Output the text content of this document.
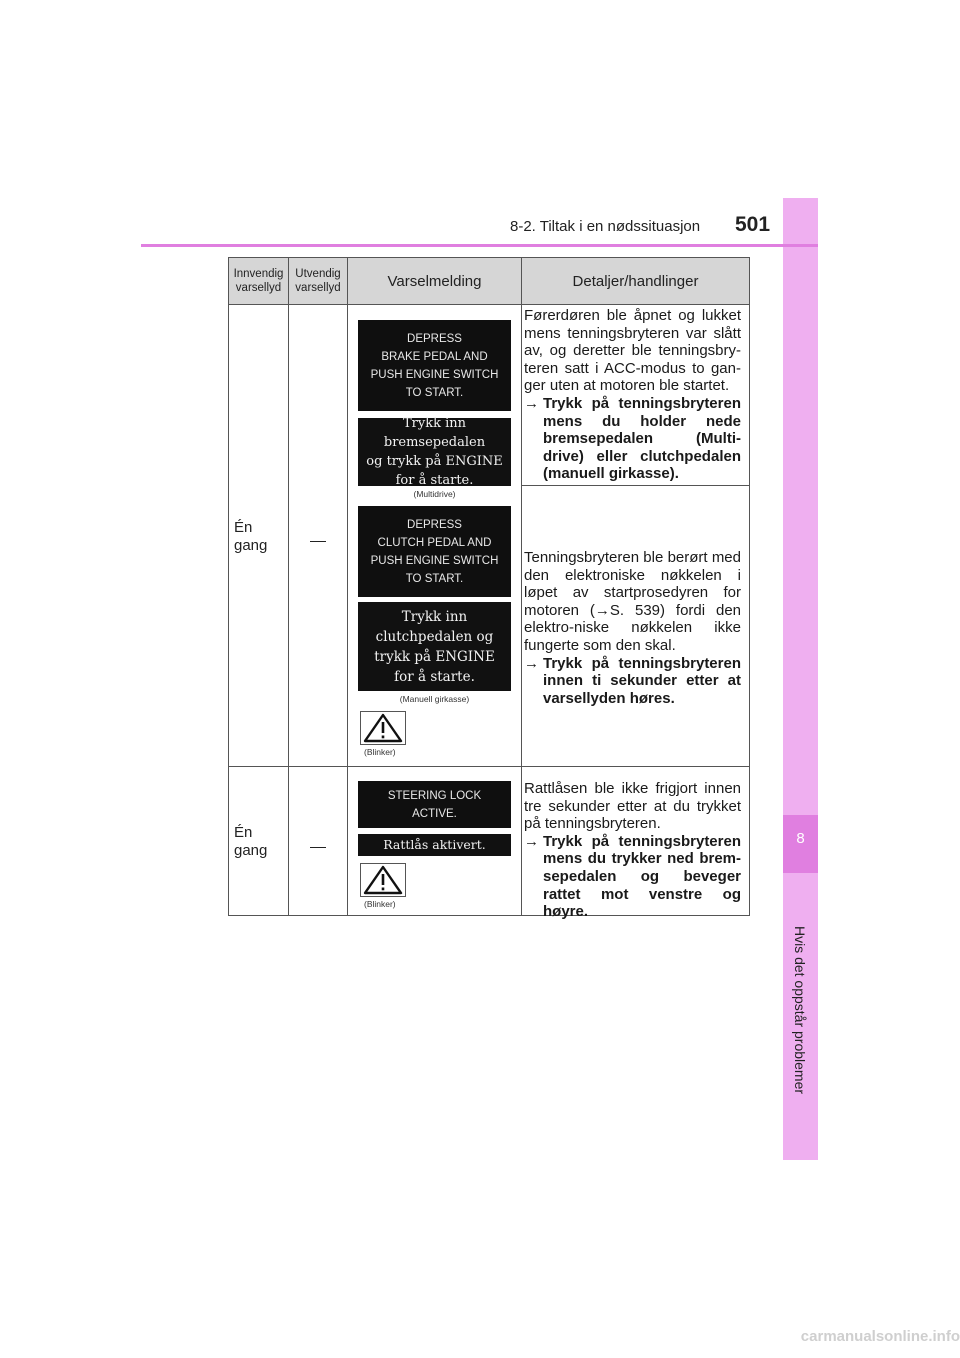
8
Hvis det oppstår problemer
8-2. Tiltak i en nødssituasjon 501
Innvendig
varsellyd
Utvendig
varsellyd	Varselmelding	Detaljer/handlinger
Én
gang
DEPRESS
BRAKE PEDAL AND
PUSH ENGINE SWITCH
TO START.
Trykk inn bremsepedalen
og trykk på ENGINE
for å starte.
(Multidrive)
DEPRESS
CLUTCH PEDAL AND
PUSH ENGINE SWITCH
TO START.
Trykk inn
clutchpedalen og
trykk på ENGINE
for å starte.
(Manuell girkasse)
(Blinker)

Førerdøren ble åpnet og lukket mens tenningsbryteren var slått av, og deretter ble tenningsbry-teren satt i ACC-modus to gan-ger uten at motoren ble startet.

→ Trykk på tenningsbryteren mens du holder nede bremsepedalen (Multi-drive) eller clutchpedalen (manuell girkasse).

Tenningsbryteren ble berørt med den elektroniske nøkkelen i løpet av startprosedyren for motoren (→S. 539) fordi den elektro-niske nøkkelen ikke fungerte som den skal.

→ Trykk på tenningsbryteren innen ti sekunder etter at varsellyden høres.

Én
gang
STEERING LOCK
ACTIVE.
Rattlås aktivert.
(Blinker)

Rattlåsen ble ikke frigjort innen tre sekunder etter at du trykket på tenningsbryteren.

→ Trykk på tenningsbryteren mens du trykker ned brem-sepedalen og beveger rattet mot venstre og høyre.

carmanualsonline.info
